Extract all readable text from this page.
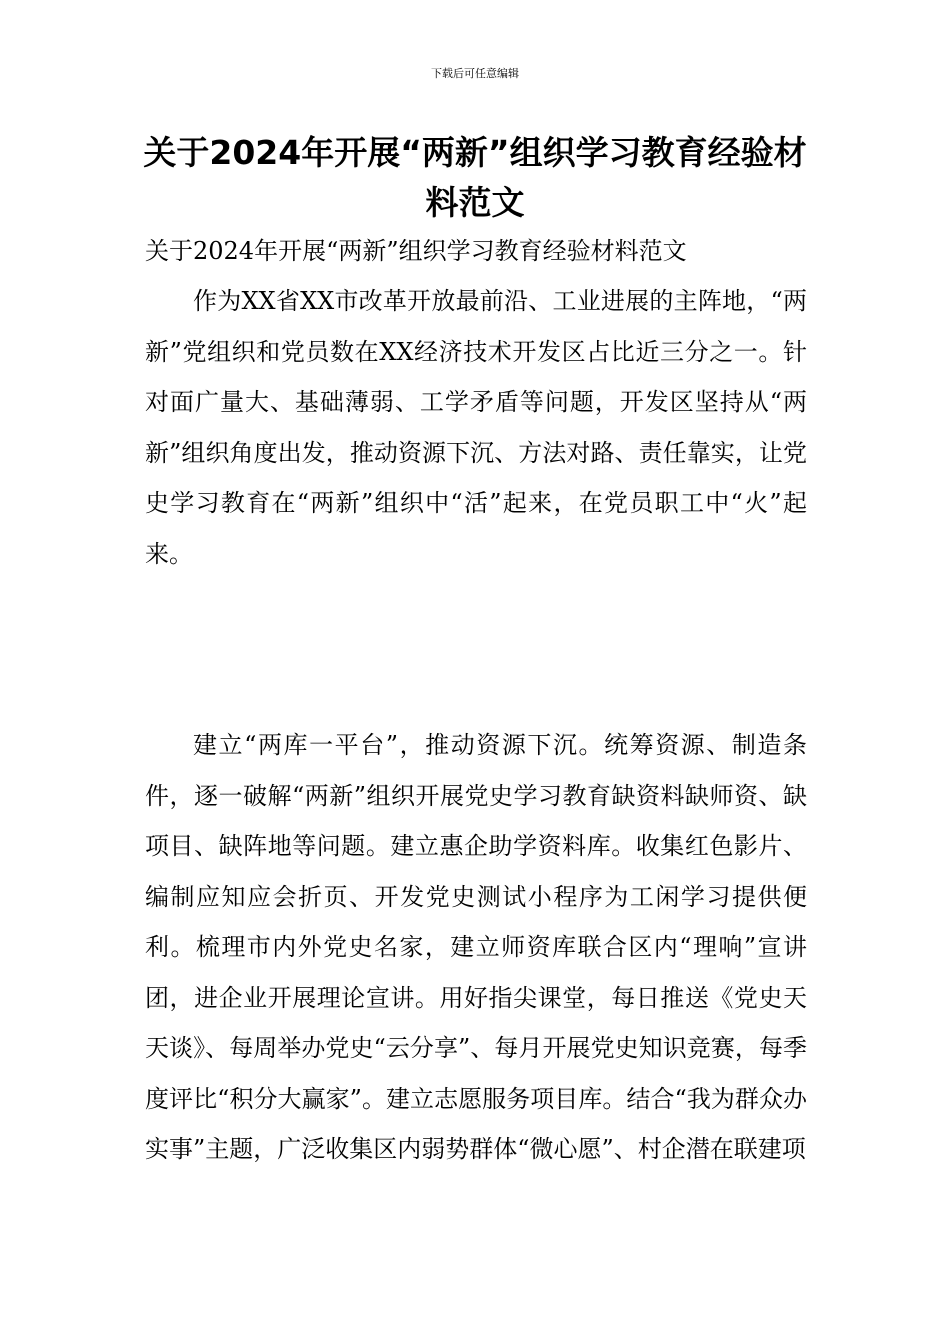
下载后可任意编辑
关于2024年开展“两新”组织学习教育经验材料范文

关于2024年开展“两新”组织学习教育经验材料范文

作为XX省XX市改革开放最前沿、工业进展的主阵地，“两新”党组织和党员数在XX经济技术开发区占比近三分之一。针对面广量大、基础薄弱、工学矛盾等问题，开发区坚持从“两新”组织角度出发，推动资源下沉、方法对路、责任靠实，让党史学习教育在“两新”组织中“活”起来，在党员职工中“火”起来。

建立“两库一平台”，推动资源下沉。统筹资源、制造条件，逐一破解“两新”组织开展党史学习教育缺资料缺师资、缺项目、缺阵地等问题。建立惠企助学资料库。收集红色影片、编制应知应会折页、开发党史测试小程序为工闲学习提供便利。梳理市内外党史名家，建立师资库联合区内“理响”宣讲团，进企业开展理论宣讲。用好指尖课堂，每日推送《党史天天谈》、每周举办党史“云分享”、每月开展党史知识竞赛，每季度评比“积分大赢家”。建立志愿服务项目库。结合“我为群众办实事”主题，广泛收集区内弱势群体“微心愿”、村企潜在联建项
